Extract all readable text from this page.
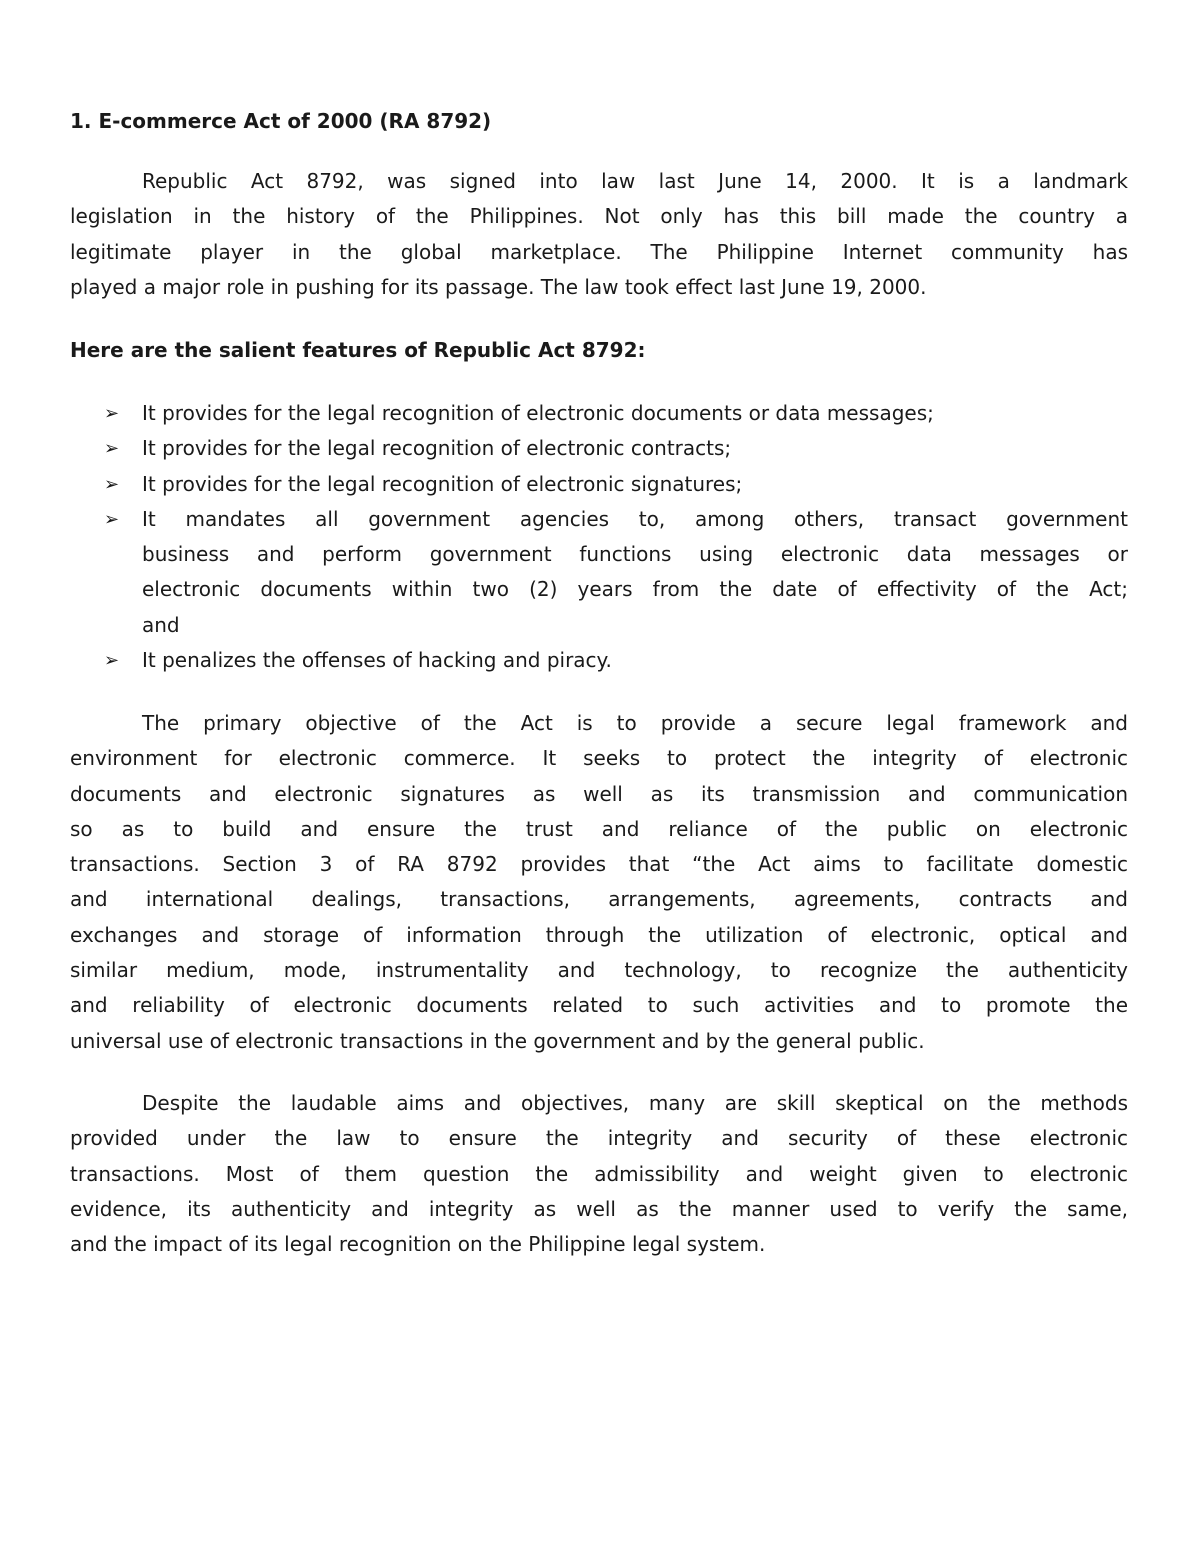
1. E-commerce Act of 2000 (RA 8792)
Republic Act 8792, was signed into law last June 14, 2000. It is a landmark
legislation in the history of the Philippines. Not only has this bill made the country a
legitimate player in the global marketplace. The Philippine Internet community has
played a major role in pushing for its passage. The law took effect last June 19, 2000.
Here are the salient features of Republic Act 8792:
➢ It provides for the legal recognition of electronic documents or data messages;
➢ It provides for the legal recognition of electronic contracts;
➢ It provides for the legal recognition of electronic signatures;
➢ It mandates all government agencies to, among others, transact government
business and perform government functions using electronic data messages or
electronic documents within two (2) years from the date of effectivity of the Act;
and
➢ It penalizes the offenses of hacking and piracy.
The primary objective of the Act is to provide a secure legal framework and
environment for electronic commerce. It seeks to protect the integrity of electronic
documents and electronic signatures as well as its transmission and communication
so as to build and ensure the trust and reliance of the public on electronic
transactions. Section 3 of RA 8792 provides that “the Act aims to facilitate domestic
and international dealings, transactions, arrangements, agreements, contracts and
exchanges and storage of information through the utilization of electronic, optical and
similar medium, mode, instrumentality and technology, to recognize the authenticity
and reliability of electronic documents related to such activities and to promote the
universal use of electronic transactions in the government and by the general public.
Despite the laudable aims and objectives, many are skill skeptical on the methods
provided under the law to ensure the integrity and security of these electronic
transactions. Most of them question the admissibility and weight given to electronic
evidence, its authenticity and integrity as well as the manner used to verify the same,
and the impact of its legal recognition on the Philippine legal system.
